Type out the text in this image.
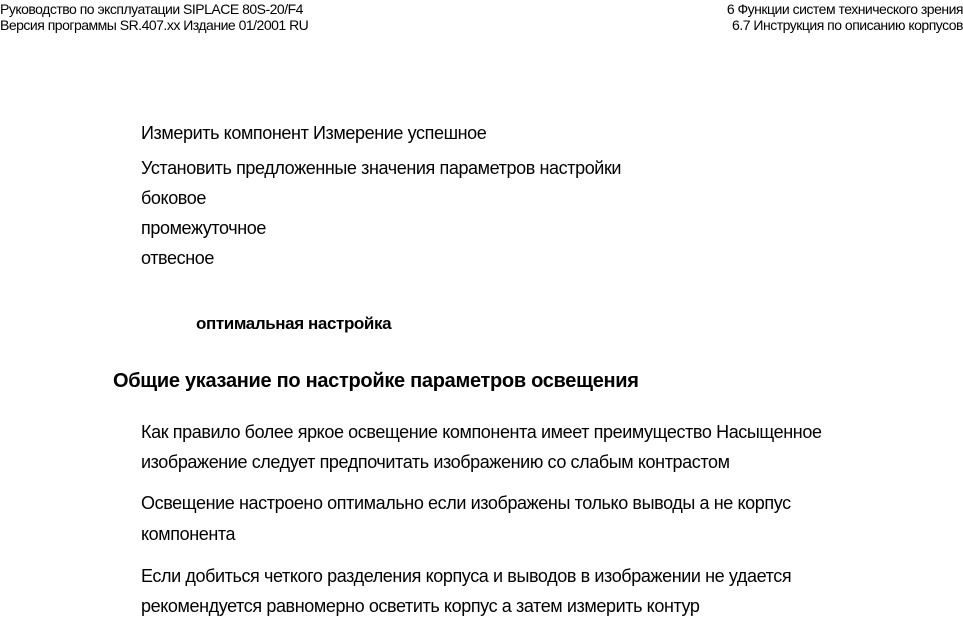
Руководство по эксплуатации SIPLACE 80S-20/F4
Версия программы SR.407.xx Издание 01/2001 RU
6 Функции систем технического зрения
6.7 Инструкция по описанию корпусов
Измерить компонент Измерение успешное
Установить предложенные значения параметров настройки
боковое
промежуточное
отвесное
оптимальная настройка
Общие указание по настройке параметров освещения
Как правило более яркое освещение компонента имеет преимущество Насыщенное
изображение следует предпочитать изображению со слабым контрастом
Освещение настроено оптимально если изображены только выводы а не корпус
компонента
Если добиться четкого разделения корпуса и выводов в изображении не удается
рекомендуется равномерно осветить корпус а затем измерить контур
